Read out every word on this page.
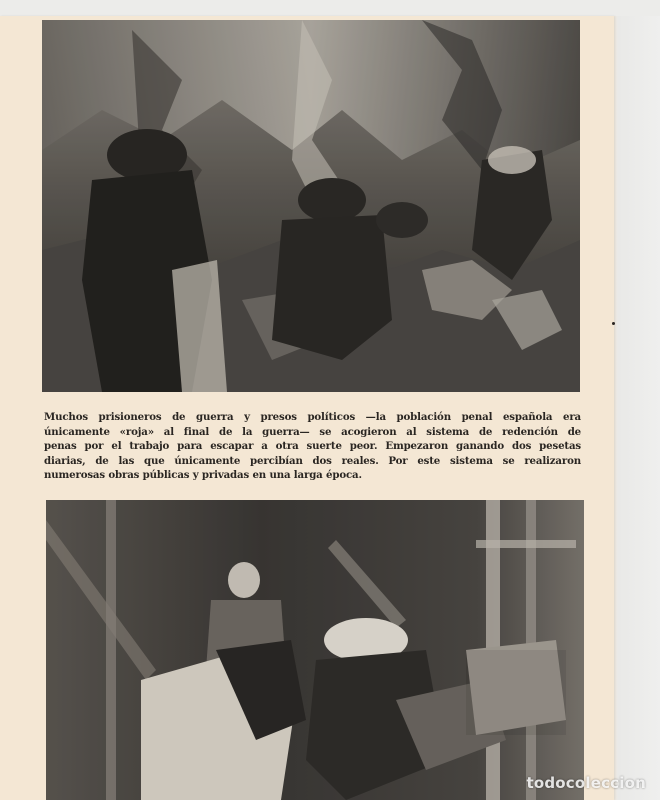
Muchos prisioneros de guerra y presos políticos —la población penal española era
únicamente «roja» al final de la guerra— se acogieron al sistema de redención de
penas por el trabajo para escapar a otra suerte peor. Empezaron ganando dos pesetas
diarias, de las que únicamente percibían dos reales. Por este sistema se realizaron
numerosas obras públicas y privadas en una larga época.
todocoleccion
